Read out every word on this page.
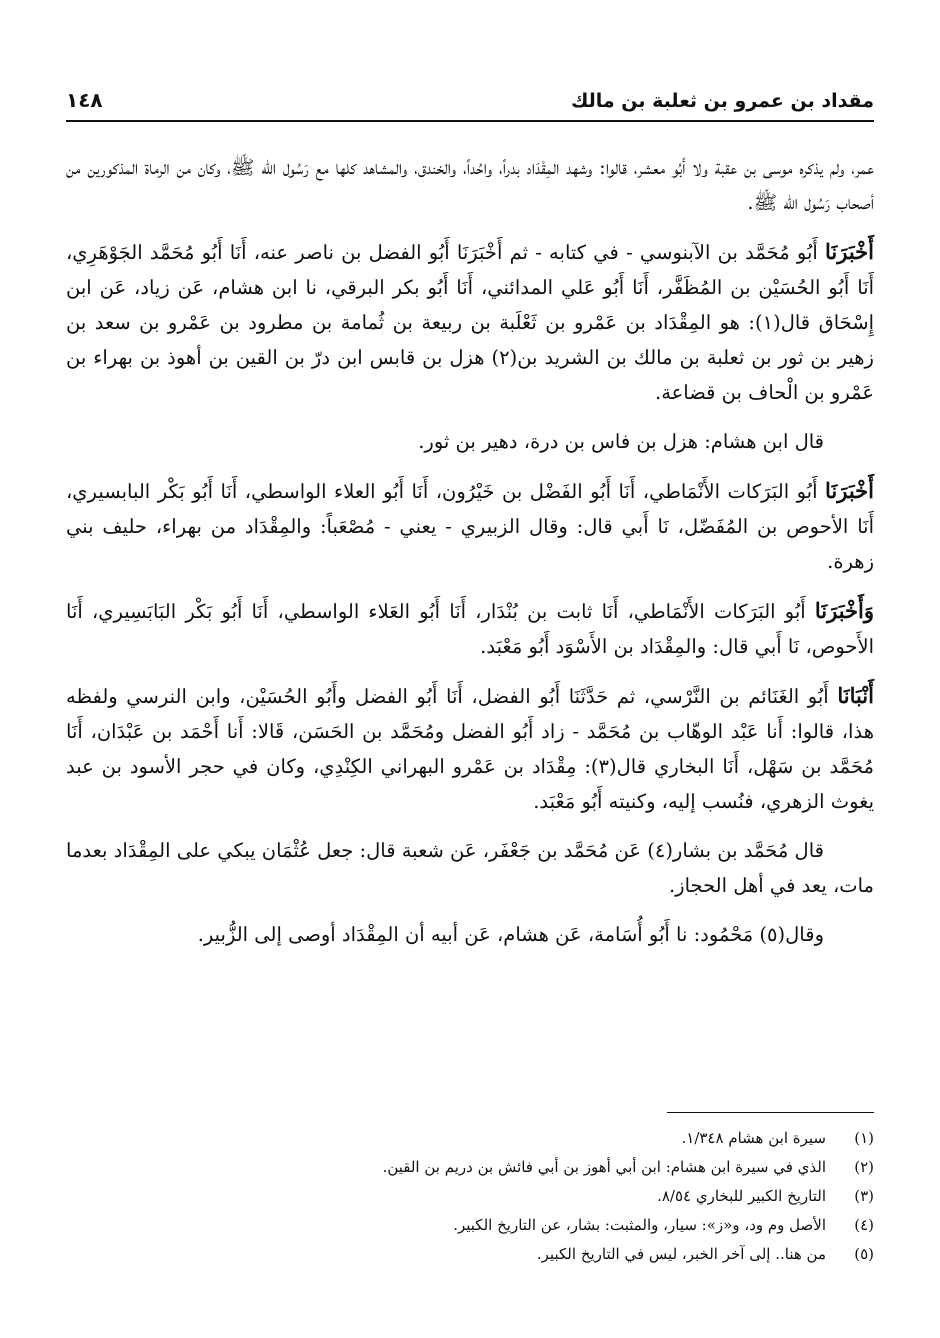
١٤٨	مقداد بن عمرو بن ثعلبة بن مالك

عمر، ولم يذكره موسى بن عقبة ولا أَبُو معشر، قالوا: وشهد المِقْدَاد بدراً، واحُداً، والخندق، والمشاهد كلها مع رَسُول الله ﷺ، وكان من الرماة المذكورين من أصحاب رَسُول الله ﷺ.

أَخْبَرَنَا أَبُو مُحَمَّد بن الآبنوسي - في كتابه - ثم أَخْبَرَنَا أَبُو الفضل بن ناصر عنه، أَنَا أَبُو مُحَمَّد الجَوْهَرِي، أَنَا أَبُو الحُسَيْن بن المُظَفَّر، أَنَا أَبُو عَلي المدائني، أَنَا أَبُو بكر البرقي، نا ابن هشام، عَن زياد، عَن ابن إِسْحَاق قال(١): هو المِقْدَاد بن عَمْرو بن ثَعْلَبة بن ربيعة بن ثُمامة بن مطرود بن عَمْرو بن سعد بن زهير بن ثور بن ثعلبة بن مالك بن الشريد بن(٢) هزل بن قابس ابن درّ بن القين بن أهوذ بن بهراء بن عَمْرو بن الْحاف بن قضاعة.

قال ابن هشام: هزل بن فاس بن درة، دهير بن ثور.

أَخْبَرَنَا أَبُو البَرَكات الأَنْمَاطي، أَنَا أَبُو الفَضْل بن خَيْرُون، أَنَا أَبُو العلاء الواسطي، أَنَا أَبُو بَكْر البابسيري، أَنَا الأحوص بن المُفَضّل، نَا أَبي قال: وقال الزبيري - يعني - مُصْعَباً: والمِقْدَاد من بهراء، حليف بني زهرة.

وَأَخْبَرَنَا أَبُو البَرَكات الأَنْمَاطي، أَنَا ثابت بن بُنْدَار، أَنَا أَبُو العَلاء الواسطي، أَنَا أَبُو بَكْر البَابَسِيري، أَنَا الأَحوص، نَا أَبي قال: والمِقْدَاد بن الأَسْوَد أَبُو مَعْبَد.

أَنْبَانَا أَبُو الغَنَائم بن النَّرْسي، ثم حَدَّثَنَا أَبُو الفضل، أَنَا أَبُو الفضل وأَبُو الحُسَيْن، وابن النرسي ولفظه هذا، قالوا: أَنا عَبْد الوهّاب بن مُحَمَّد - زاد أَبُو الفضل ومُحَمَّد بن الحَسَن، قَالا: أَنا أَحْمَد بن عَبْدَان، أَنَا مُحَمَّد بن سَهْل، أَنَا البخاري قال(٣): مِقْدَاد بن عَمْرو البهراني الكِنْدِي، وكان في حجر الأسود بن عبد يغوث الزهري، فنُسب إليه، وكنيته أَبُو مَعْبَد.

قال مُحَمَّد بن بشار(٤) عَن مُحَمَّد بن جَعْفَر، عَن شعبة قال: جعل عُثْمَان يبكي على المِقْدَاد بعدما مات، يعد في أهل الحجاز.

وقال(٥) مَحْمُود: نا أَبُو أُسَامة، عَن هشام، عَن أبيه أن المِقْدَاد أوصى إلى الزُّبير.

(١)
سيرة ابن هشام ١/٣٤٨.
(٢)
الذي في سيرة ابن هشام: ابن أبي أهوز بن أبي فائش بن دريم بن القين.
(٣)
التاريخ الكبير للبخاري ٨/٥٤.
(٤)
الأصل وم ود، و«ز»: سيار، والمثبت: بشار، عن التاريخ الكبير.
(٥)
من هنا.. إلى آخر الخبر، ليس في التاريخ الكبير.
